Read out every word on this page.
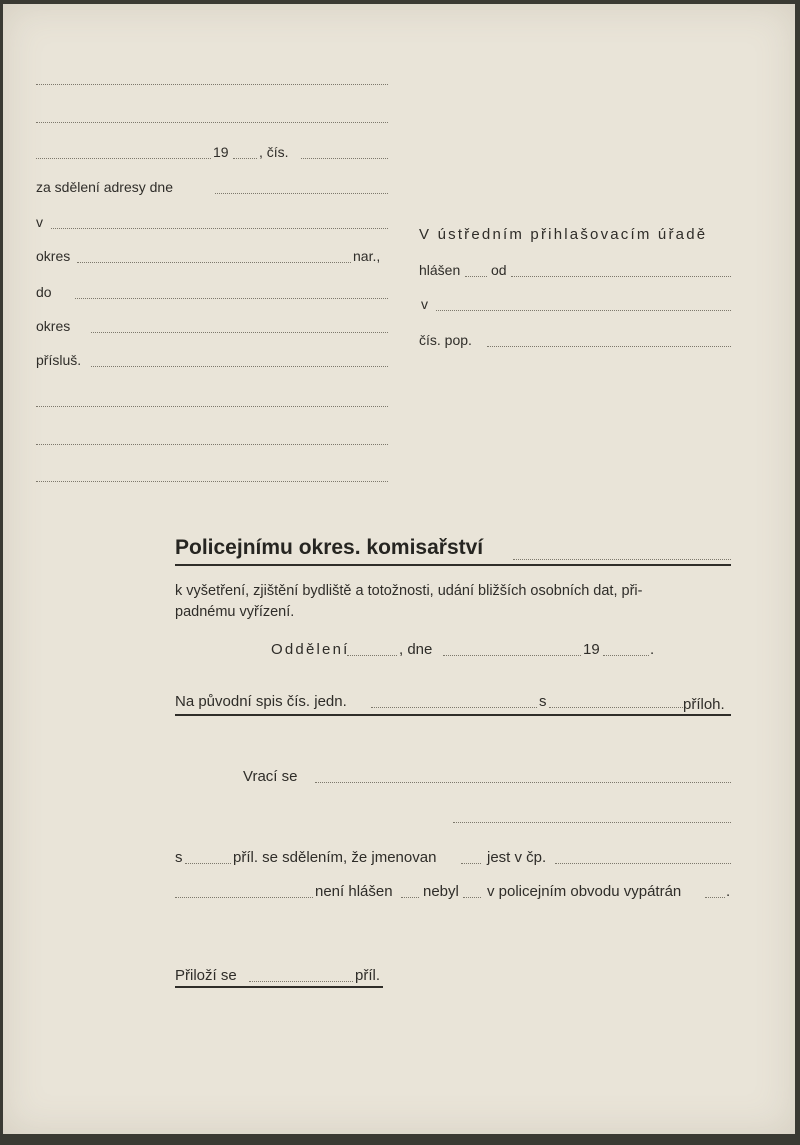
19 , čís.
za sdělení adresy dne
v
okres	nar.,
do
okres
přísluš.
V ústředním přihlašovacím úřadě
hlášen od
v
čís. pop.
Policejnímu okres. komisařství
k vyšetření, zjištění bydliště a totožnosti, udání bližších osobních dat, při-
padnému vyřízení.
Oddělení	, dne	19	.
Na původní spis čís. jedn.	s	příloh.
Vrací se
s	příl. se sdělením, že jmenovan	jest v čp.
není hlášen nebyl v policejním obvodu vypátrán	.
Přiloží se	příl.
